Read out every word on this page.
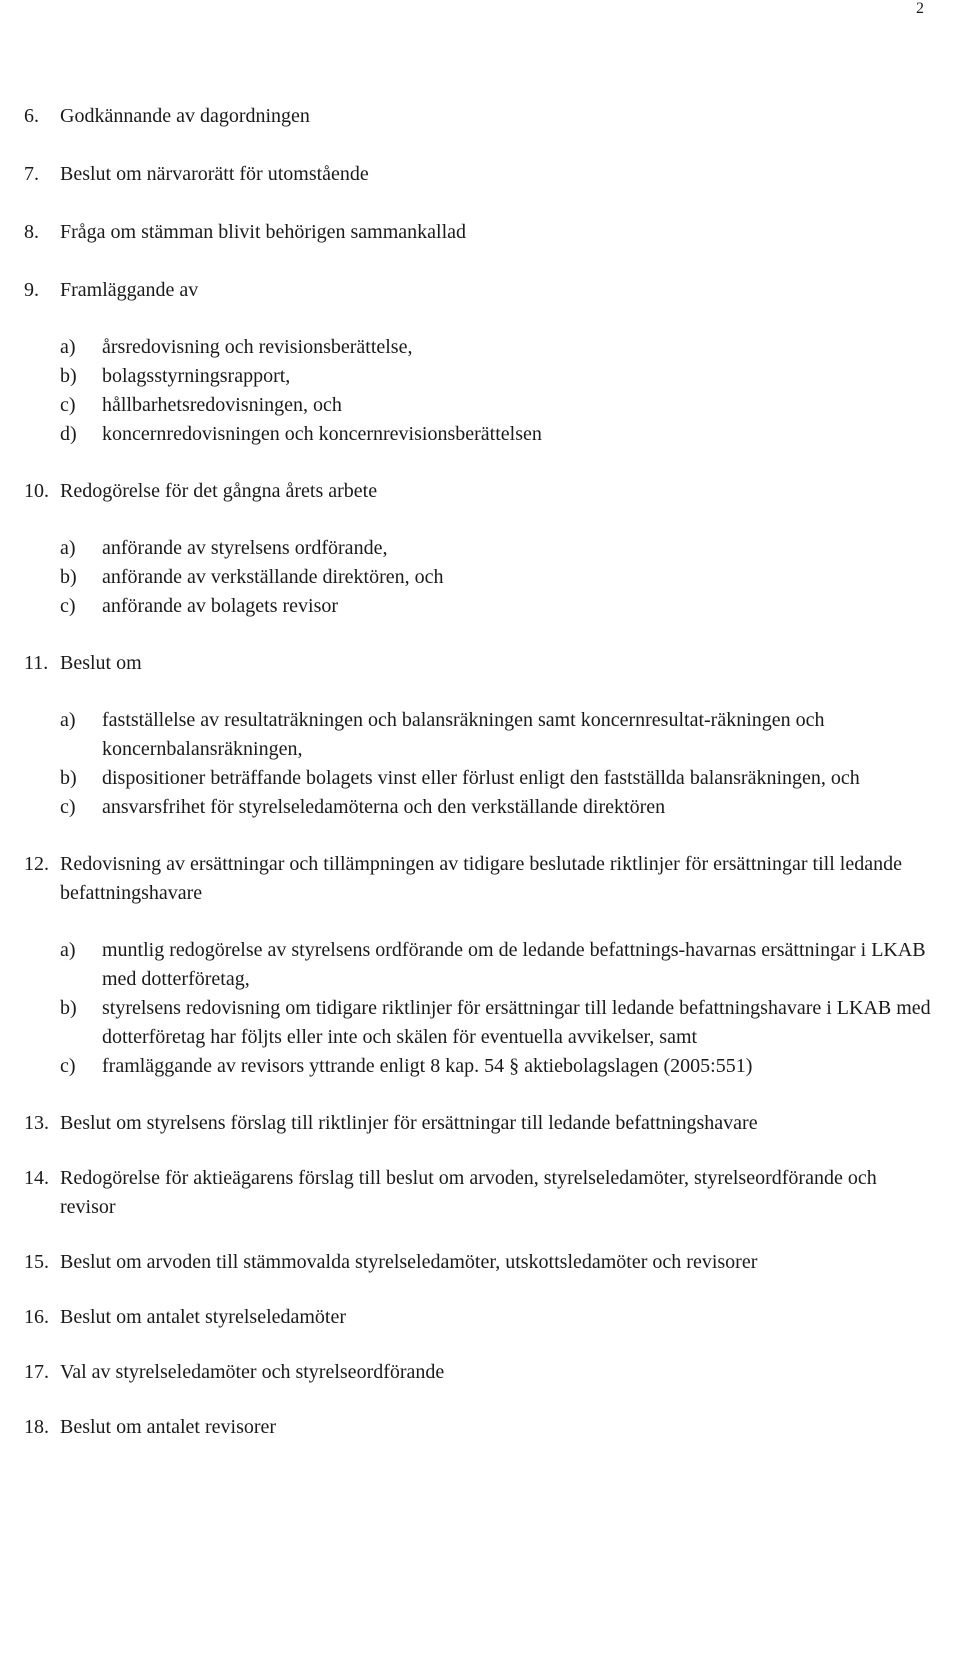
2
6. Godkännande av dagordningen
7. Beslut om närvarorätt för utomstående
8. Fråga om stämman blivit behörigen sammankallad
9. Framläggande av
a) årsredovisning och revisionsberättelse,
b) bolagsstyrningsrapport,
c) hållbarhetsredovisningen, och
d) koncernredovisningen och koncernrevisionsberättelsen
10. Redogörelse för det gångna årets arbete
a) anförande av styrelsens ordförande,
b) anförande av verkställande direktören, och
c) anförande av bolagets revisor
11. Beslut om
a) fastställelse av resultaträkningen och balansräkningen samt koncernresultat-räkningen och koncernbalansräkningen,
b) dispositioner beträffande bolagets vinst eller förlust enligt den fastställda balansräkningen, och
c) ansvarsfrihet för styrelseledamöterna och den verkställande direktören
12. Redovisning av ersättningar och tillämpningen av tidigare beslutade riktlinjer för ersättningar till ledande befattningshavare
a) muntlig redogörelse av styrelsens ordförande om de ledande befattnings-havarnas ersättningar i LKAB med dotterföretag,
b) styrelsens redovisning om tidigare riktlinjer för ersättningar till ledande befattningshavare i LKAB med dotterföretag har följts eller inte och skälen för eventuella avvikelser, samt
c) framläggande av revisors yttrande enligt 8 kap. 54 § aktiebolagslagen (2005:551)
13. Beslut om styrelsens förslag till riktlinjer för ersättningar till ledande befattningshavare
14. Redogörelse för aktieägarens förslag till beslut om arvoden, styrelseledamöter, styrelseordförande och revisor
15. Beslut om arvoden till stämmovalda styrelseledamöter, utskottsledamöter och revisorer
16. Beslut om antalet styrelseledamöter
17. Val av styrelseledamöter och styrelseordförande
18. Beslut om antalet revisorer
